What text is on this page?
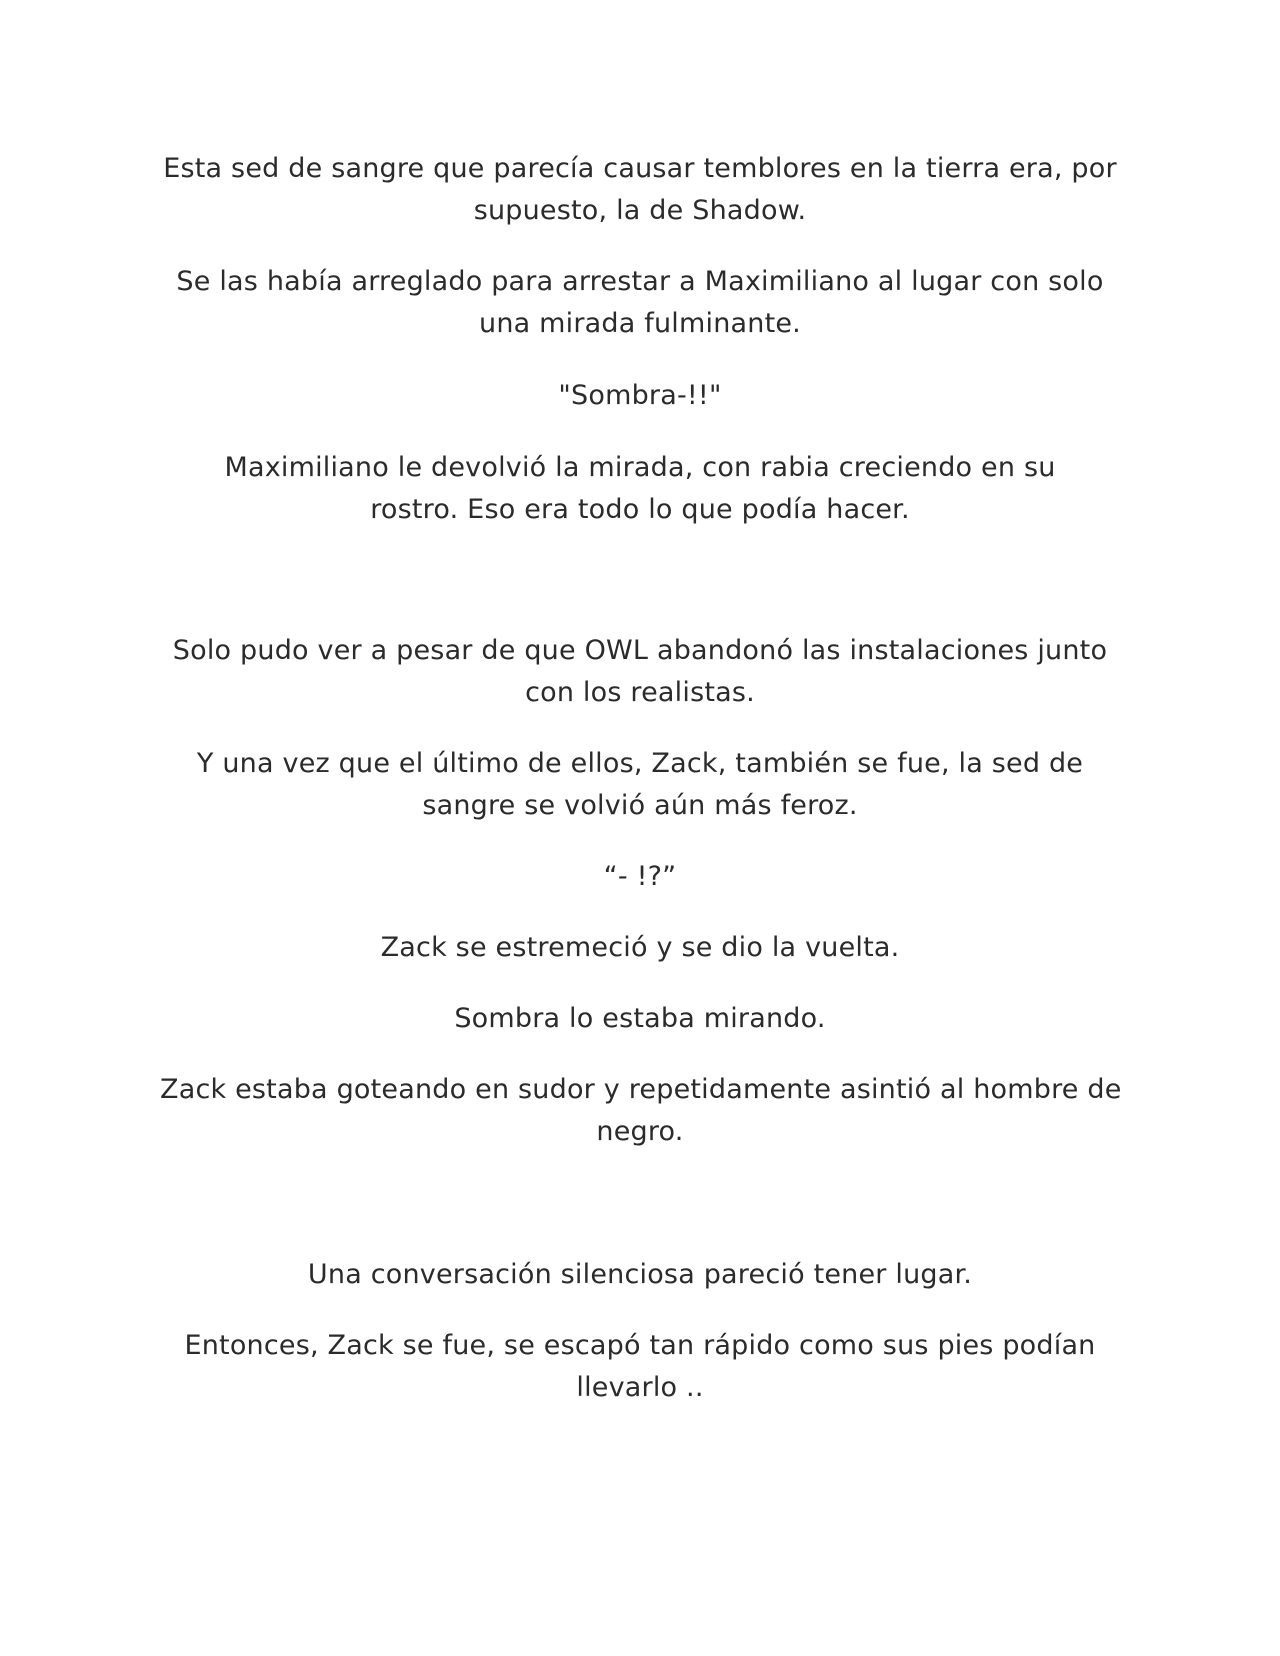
Esta sed de sangre que parecía causar temblores en la tierra era, por
supuesto, la de Shadow.

Se las había arreglado para arrestar a Maximiliano al lugar con solo
una mirada fulminante.

"Sombra-!!"

Maximiliano le devolvió la mirada, con rabia creciendo en su
rostro. Eso era todo lo que podía hacer.

Solo pudo ver a pesar de que OWL abandonó las instalaciones junto
con los realistas.

Y una vez que el último de ellos, Zack, también se fue, la sed de
sangre se volvió aún más feroz.

“- !?”

Zack se estremeció y se dio la vuelta.

Sombra lo estaba mirando.

Zack estaba goteando en sudor y repetidamente asintió al hombre de
negro.

Una conversación silenciosa pareció tener lugar.

Entonces, Zack se fue, se escapó tan rápido como sus pies podían
llevarlo ..
